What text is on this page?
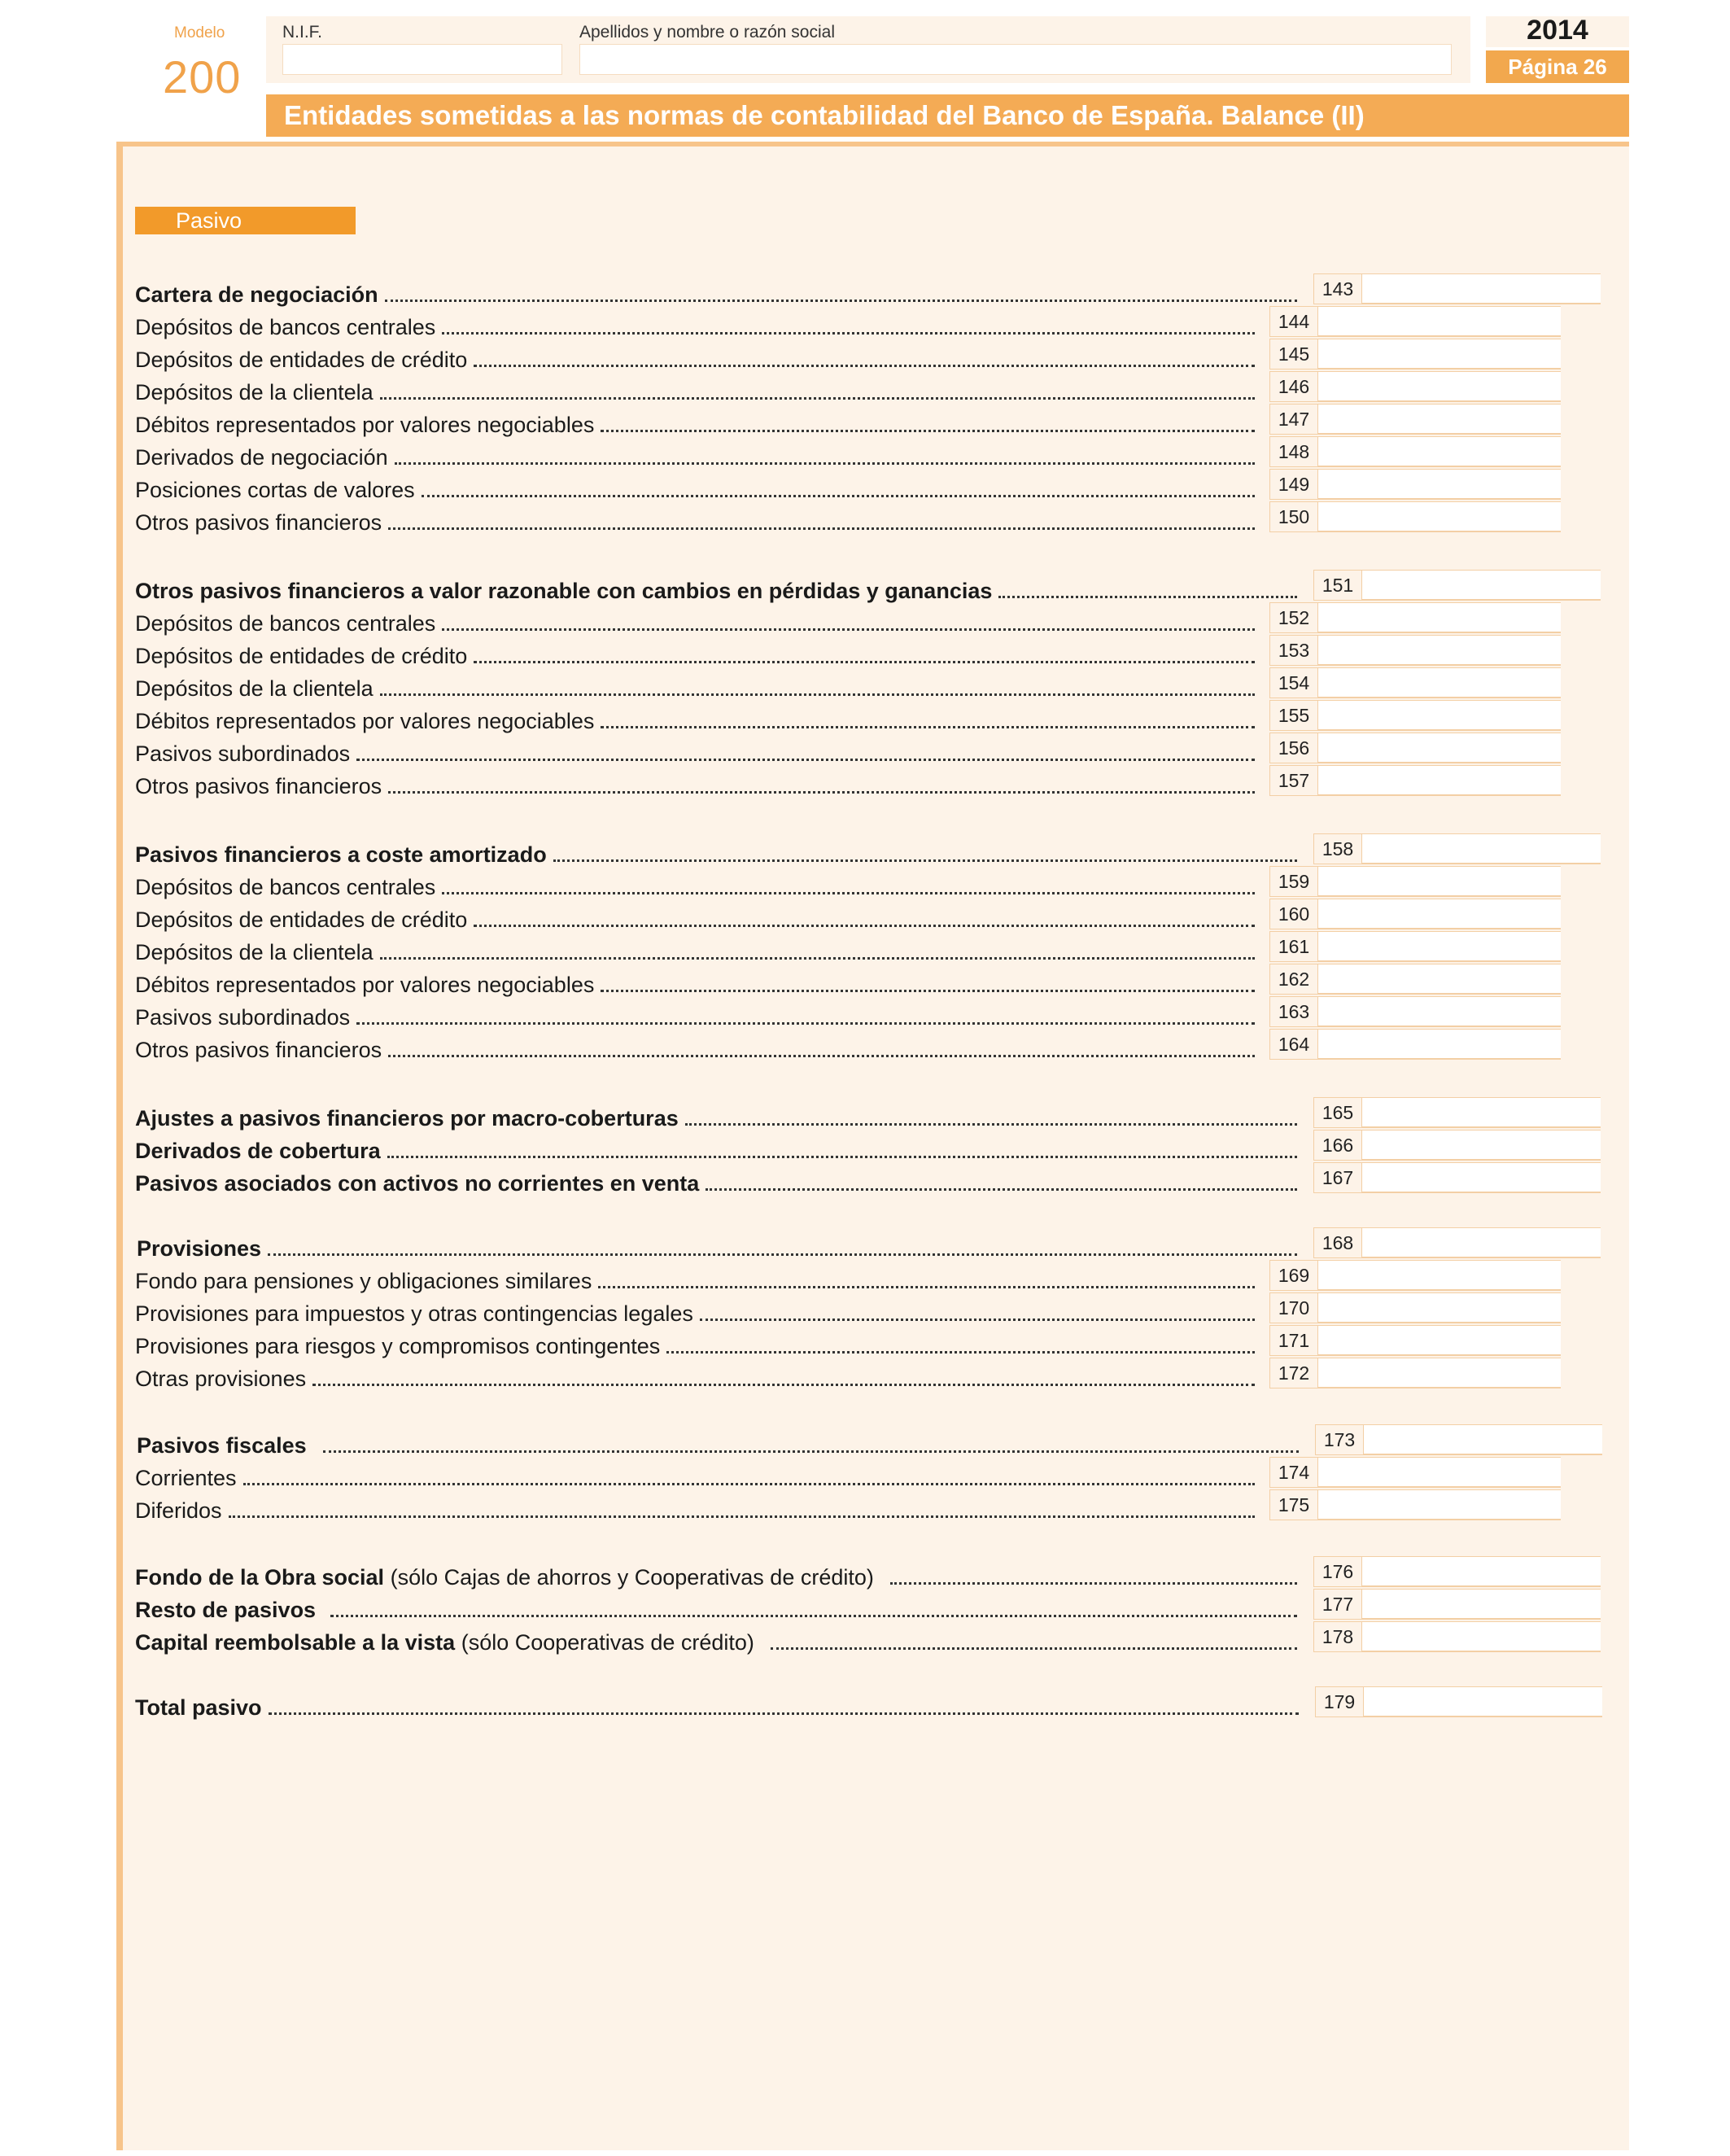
Modelo
200
N.I.F.	Apellidos y nombre o razón social	2014
Página 26
Entidades sometidas a las normas de contabilidad del Banco de España. Balance (II)
Pasivo
Cartera de negociación	143
Depósitos de bancos centrales	144
Depósitos de entidades de crédito	145
Depósitos de la clientela	146
Débitos representados por valores negociables	147
Derivados de negociación	148
Posiciones cortas de valores	149
Otros pasivos financieros	150
Otros pasivos financieros a valor razonable con cambios en pérdidas y ganancias	151
Depósitos de bancos centrales	152
Depósitos de entidades de crédito	153
Depósitos de la clientela	154
Débitos representados por valores negociables	155
Pasivos subordinados	156
Otros pasivos financieros	157
Pasivos financieros a coste amortizado	158
Depósitos de bancos centrales	159
Depósitos de entidades de crédito	160
Depósitos de la clientela	161
Débitos representados por valores negociables	162
Pasivos subordinados	163
Otros pasivos financieros	164
Ajustes a pasivos financieros por macro-coberturas	165
Derivados de cobertura	166
Pasivos asociados con activos no corrientes en venta	167
Provisiones	168
Fondo para pensiones y obligaciones similares	169
Provisiones para impuestos y otras contingencias legales	170
Provisiones para riesgos y compromisos contingentes	171
Otras provisiones	172
Pasivos fiscales	173
Corrientes	174
Diferidos	175
Fondo de la Obra social (sólo Cajas de ahorros y Cooperativas de crédito)	176
Resto de pasivos	177
Capital reembolsable a la vista (sólo Cooperativas de crédito)	178
Total pasivo	179
